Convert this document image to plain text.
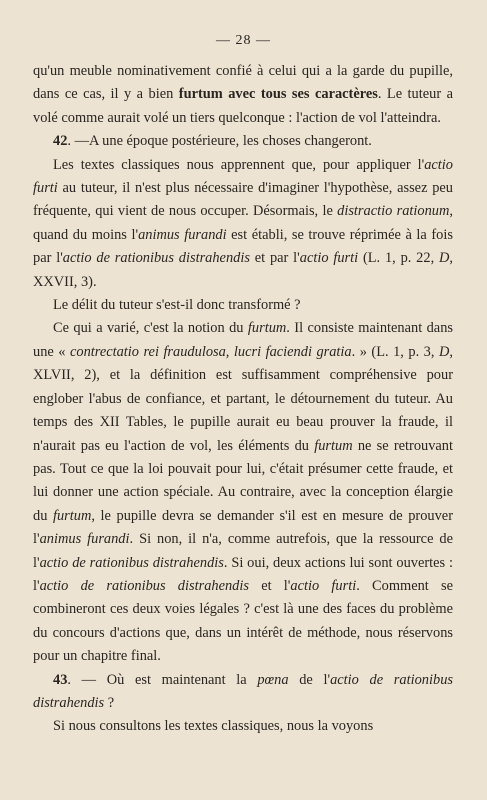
— 28 —

qu'un meuble nominativement confié à celui qui a la garde du pupille, dans ce cas, il y a bien furtum avec tous ses caractères. Le tuteur a volé comme aurait volé un tiers quelconque : l'action de vol l'atteindra.

42. —A une époque postérieure, les choses changeront.

Les textes classiques nous apprennent que, pour appliquer l'actio furti au tuteur, il n'est plus nécessaire d'imaginer l'hypothèse, assez peu fréquente, qui vient de nous occuper. Désormais, le distractio rationum, quand du moins l'animus furandi est établi, se trouve réprimée à la fois par l'actio de rationibus distrahendis et par l'actio furti (L. 1, p. 22, D, XXVII, 3).

Le délit du tuteur s'est-il donc transformé ?

Ce qui a varié, c'est la notion du furtum. Il consiste maintenant dans une « contrectatio rei fraudulosa, lucri faciendi gratia. » (L. 1, p. 3, D, XLVII, 2), et la définition est suffisamment compréhensive pour englober l'abus de confiance, et partant, le détournement du tuteur. Au temps des XII Tables, le pupille aurait eu beau prouver la fraude, il n'aurait pas eu l'action de vol, les éléments du furtum ne se retrouvant pas. Tout ce que la loi pouvait pour lui, c'était présumer cette fraude, et lui donner une action spéciale. Au contraire, avec la conception élargie du furtum, le pupille devra se demander s'il est en mesure de prouver l'animus furandi. Si non, il n'a, comme autrefois, que la ressource de l'actio de rationibus distrahendis. Si oui, deux actions lui sont ouvertes : l'actio de rationibus distrahendis et l'actio furti. Comment se combineront ces deux voies légales ? c'est là une des faces du problème du concours d'actions que, dans un intérêt de méthode, nous réservons pour un chapitre final.

43. — Où est maintenant la pœna de l'actio de rationibus distrahendis ?

Si nous consultons les textes classiques, nous la voyons
